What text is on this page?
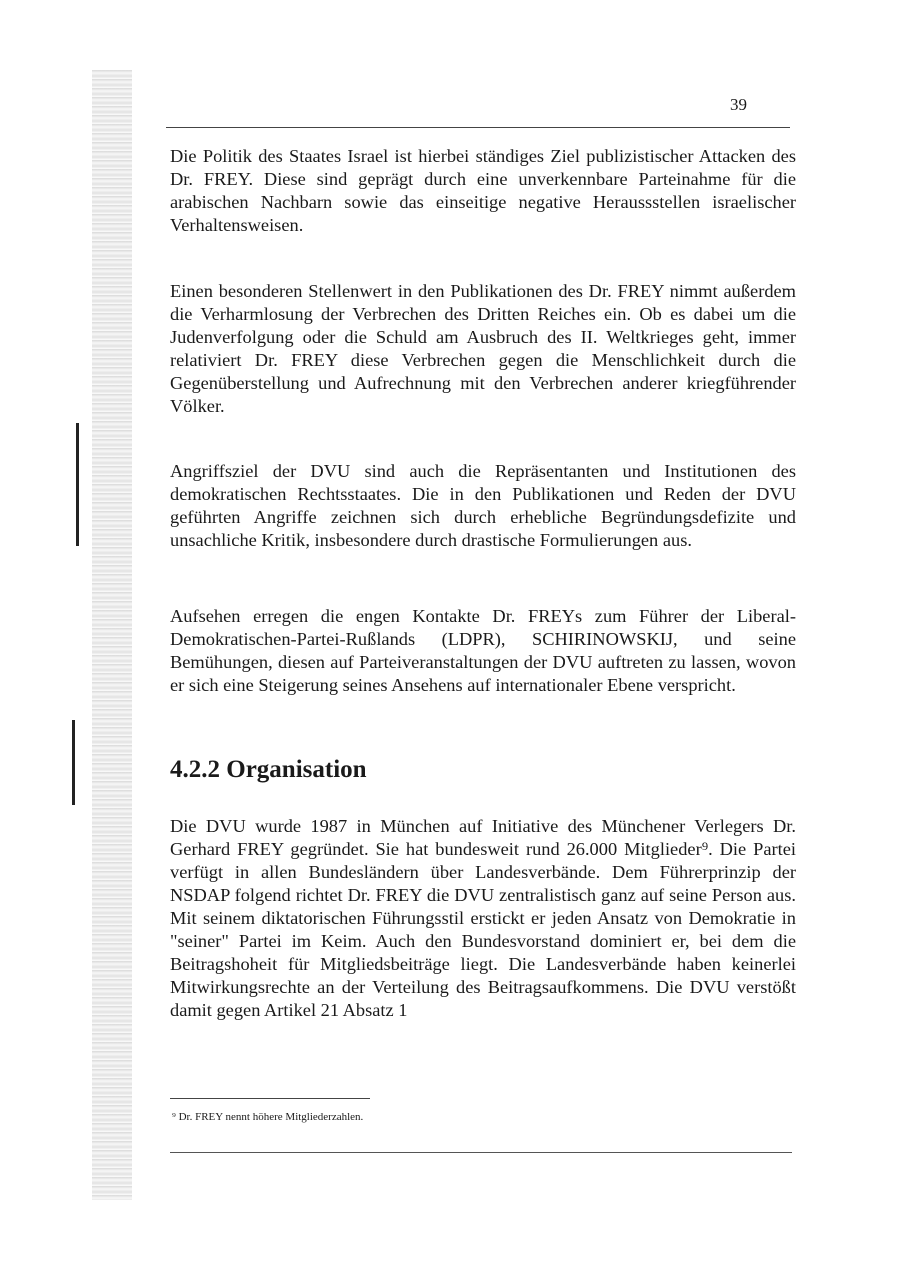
39

Die Politik des Staates Israel ist hierbei ständiges Ziel publizistischer Attacken des Dr. FREY. Diese sind geprägt durch eine unverkennbare Parteinahme für die arabischen Nachbarn sowie das einseitige negative Heraussstellen israelischer Verhaltensweisen.

Einen besonderen Stellenwert in den Publikationen des Dr. FREY nimmt außerdem die Verharmlosung der Verbrechen des Dritten Reiches ein. Ob es dabei um die Judenverfolgung oder die Schuld am Ausbruch des II. Weltkrieges geht, immer relativiert Dr. FREY diese Verbrechen gegen die Menschlichkeit durch die Gegenüberstellung und Aufrechnung mit den Verbrechen anderer kriegführender Völker.

Angriffsziel der DVU sind auch die Repräsentanten und Institutionen des demokratischen Rechtsstaates. Die in den Publikationen und Reden der DVU geführten Angriffe zeichnen sich durch erhebliche Begründungsdefizite und unsachliche Kritik, insbesondere durch drastische Formulierungen aus.

Aufsehen erregen die engen Kontakte Dr. FREYs zum Führer der Liberal-Demokratischen-Partei-Rußlands (LDPR), SCHIRINOWSKIJ, und seine Bemühungen, diesen auf Parteiveranstaltungen der DVU auftreten zu lassen, wovon er sich eine Steigerung seines Ansehens auf internationaler Ebene verspricht.

4.2.2 Organisation

Die DVU wurde 1987 in München auf Initiative des Münchener Verlegers Dr. Gerhard FREY gegründet. Sie hat bundesweit rund 26.000 Mitglieder⁹. Die Partei verfügt in allen Bundesländern über Landesverbände. Dem Führerprinzip der NSDAP folgend richtet Dr. FREY die DVU zentralistisch ganz auf seine Person aus. Mit seinem diktatorischen Führungsstil erstickt er jeden Ansatz von Demokratie in "seiner" Partei im Keim. Auch den Bundesvorstand dominiert er, bei dem die Beitragshoheit für Mitgliedsbeiträge liegt. Die Landesverbände haben keinerlei Mitwirkungsrechte an der Verteilung des Beitragsaufkommens. Die DVU verstößt damit gegen Artikel 21 Absatz 1

⁹ Dr. FREY nennt höhere Mitgliederzahlen.
